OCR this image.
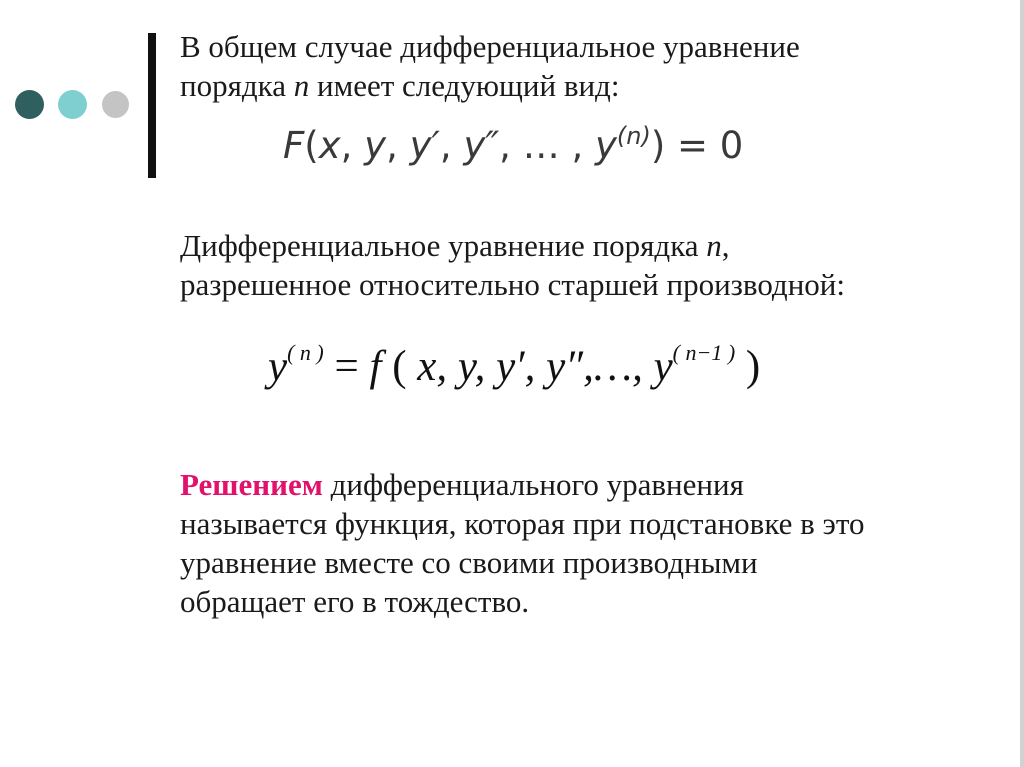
В общем случае дифференциальное уравнение
порядка n имеет следующий вид:

F(x, y, y′, y″, … , $y^{(n)}) = 0$

Дифференциальное уравнение порядка n,
разрешенное относительно старшей производной:

$y^{( n )} = f$ ( x, y, y′, y″,…, $y^{( n-1 )}$ )

Решением дифференциального уравнения
называется функция, которая при подстановке в это
уравнение вместе со своими производными
обращает его в тождество.
